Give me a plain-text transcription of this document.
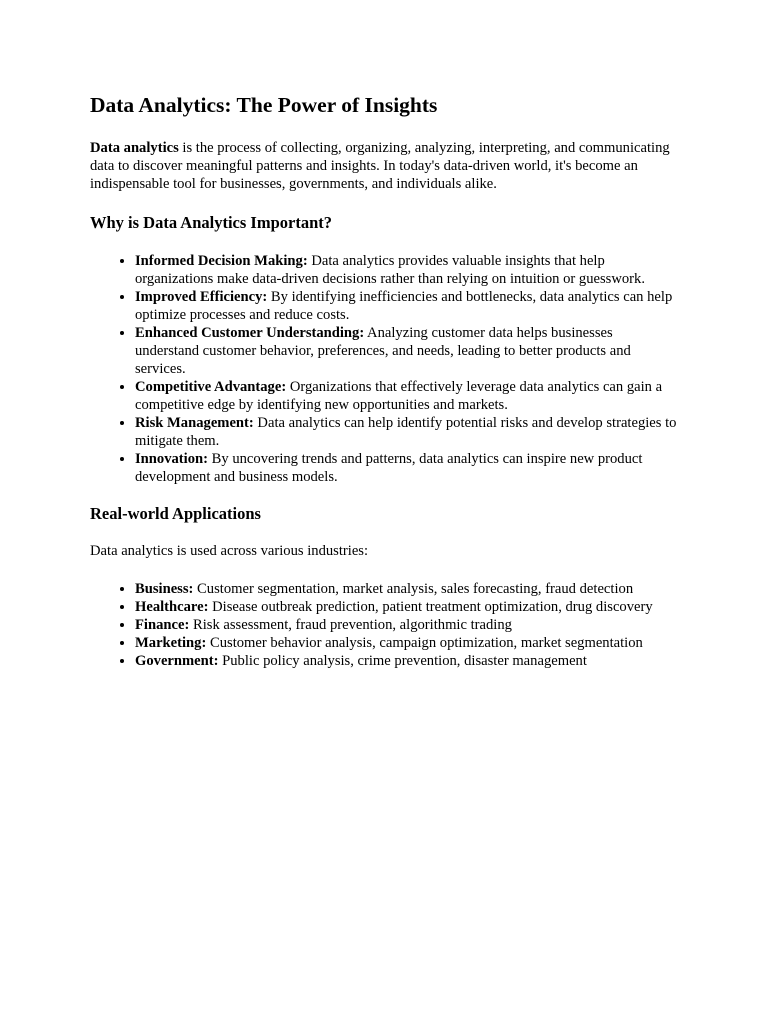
Data Analytics: The Power of Insights

Data analytics is the process of collecting, organizing, analyzing, interpreting, and communicating data to discover meaningful patterns and insights. In today's data-driven world, it's become an indispensable tool for businesses, governments, and individuals alike.

Why is Data Analytics Important?
• Informed Decision Making: Data analytics provides valuable insights that help organizations make data-driven decisions rather than relying on intuition or guesswork.
• Improved Efficiency: By identifying inefficiencies and bottlenecks, data analytics can help optimize processes and reduce costs.
• Enhanced Customer Understanding: Analyzing customer data helps businesses understand customer behavior, preferences, and needs, leading to better products and services.
• Competitive Advantage: Organizations that effectively leverage data analytics can gain a competitive edge by identifying new opportunities and markets.
• Risk Management: Data analytics can help identify potential risks and develop strategies to mitigate them.
• Innovation: By uncovering trends and patterns, data analytics can inspire new product development and business models.
Real-world Applications

Data analytics is used across various industries:

• Business: Customer segmentation, market analysis, sales forecasting, fraud detection
• Healthcare: Disease outbreak prediction, patient treatment optimization, drug discovery
• Finance: Risk assessment, fraud prevention, algorithmic trading
• Marketing: Customer behavior analysis, campaign optimization, market segmentation
• Government: Public policy analysis, crime prevention, disaster management
